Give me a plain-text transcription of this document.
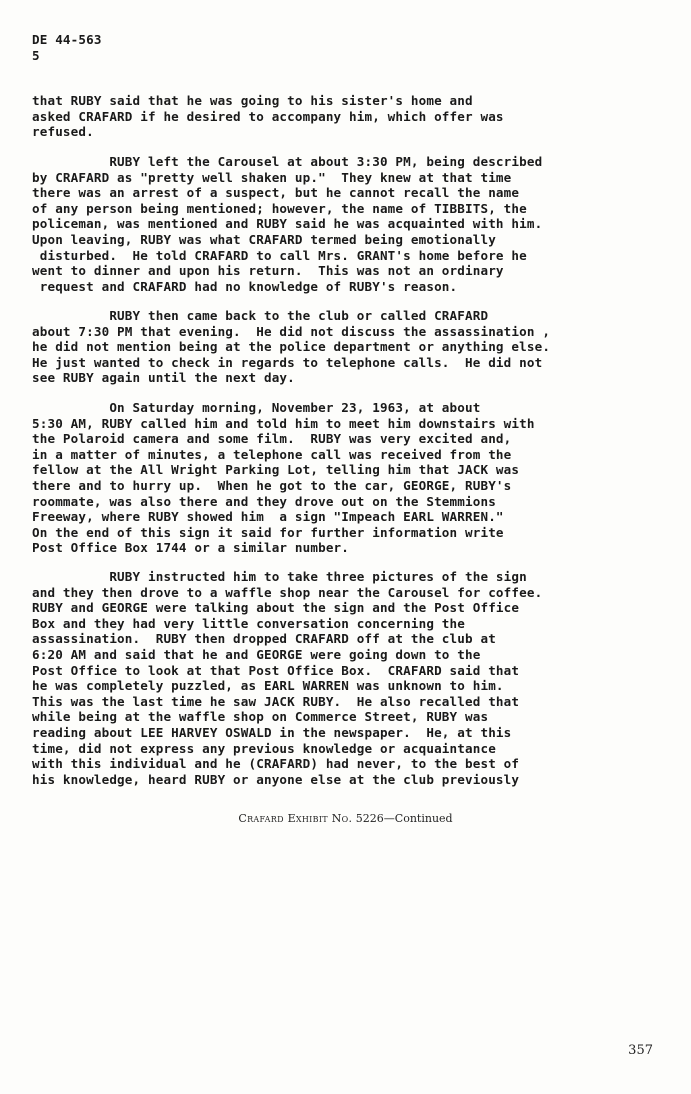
DE 44-563
5
that RUBY said that he was going to his sister's home and
asked CRAFARD if he desired to accompany him, which offer was
refused.
RUBY left the Carousel at about 3:30 PM, being described
by CRAFARD as "pretty well shaken up."  They knew at that time
there was an arrest of a suspect, but he cannot recall the name
of any person being mentioned; however, the name of TIBBITS, the
policeman, was mentioned and RUBY said he was acquainted with him.
Upon leaving, RUBY was what CRAFARD termed being emotionally
disturbed.  He told CRAFARD to call Mrs. GRANT's home before he
went to dinner and upon his return.  This was not an ordinary
request and CRAFARD had no knowledge of RUBY's reason.
RUBY then came back to the club or called CRAFARD
about 7:30 PM that evening.  He did not discuss the assassination ,
he did not mention being at the police department or anything else.
He just wanted to check in regards to telephone calls.  He did not
see RUBY again until the next day.
On Saturday morning, November 23, 1963, at about
5:30 AM, RUBY called him and told him to meet him downstairs with
the Polaroid camera and some film.  RUBY was very excited and,
in a matter of minutes, a telephone call was received from the
fellow at the All Wright Parking Lot, telling him that JACK was
there and to hurry up.  When he got to the car, GEORGE, RUBY's
roommate, was also there and they drove out on the Stemmions
Freeway, where RUBY showed him  a sign "Impeach EARL WARREN."
On the end of this sign it said for further information write
Post Office Box 1744 or a similar number.
RUBY instructed him to take three pictures of the sign
and they then drove to a waffle shop near the Carousel for coffee.
RUBY and GEORGE were talking about the sign and the Post Office
Box and they had very little conversation concerning the
assassination.  RUBY then dropped CRAFARD off at the club at
6:20 AM and said that he and GEORGE were going down to the
Post Office to look at that Post Office Box.  CRAFARD said that
he was completely puzzled, as EARL WARREN was unknown to him.
This was the last time he saw JACK RUBY.  He also recalled that
while being at the waffle shop on Commerce Street, RUBY was
reading about LEE HARVEY OSWALD in the newspaper.  He, at this
time, did not express any previous knowledge or acquaintance
with this individual and he (CRAFARD) had never, to the best of
his knowledge, heard RUBY or anyone else at the club previously
Crafard Exhibit No. 5226—Continued
357
